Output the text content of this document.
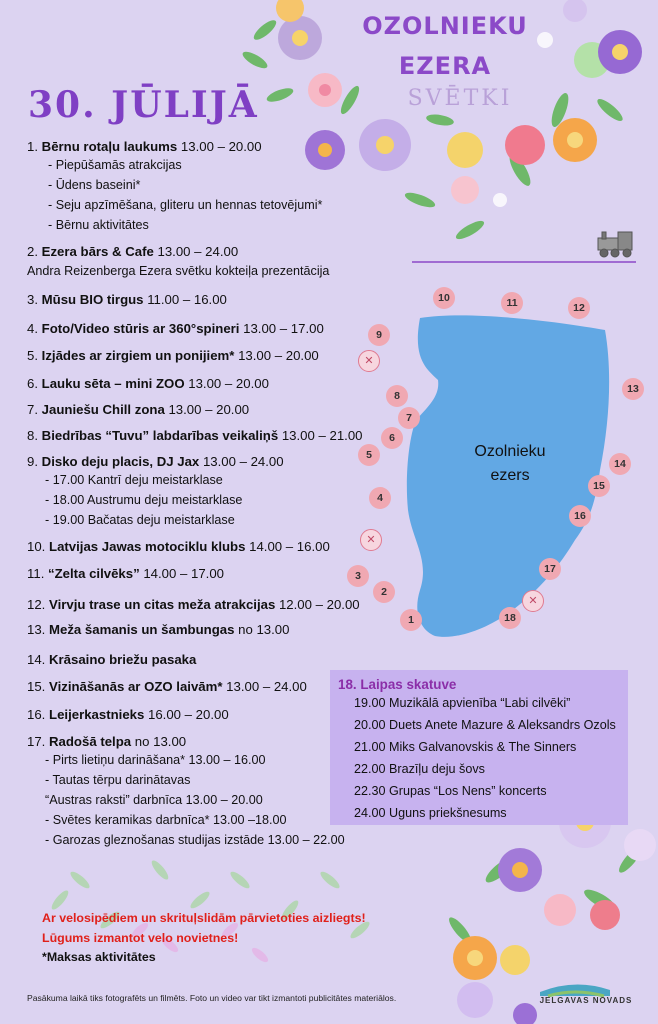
OZOLNIEKU
EZERA
SVĒTKI
30. JŪLIJĀ
1. Bērnu rotaļu laukums 13.00 – 20.00
- Piepūšamās atrakcijas
- Ūdens baseini*
- Seju apzīmēšana, gliteru un hennas tetovējumi*
- Bērnu aktivitātes
2. Ezera bārs & Cafe 13.00 – 24.00
Andra Reizenberga Ezera svētku kokteiļa prezentācija
3. Mūsu BIO tirgus 11.00 – 16.00
4. Foto/Video stūris ar 360°spineri 13.00 – 17.00
5. Izjādes ar zirgiem un ponijiem* 13.00 – 20.00
6. Lauku sēta – mini ZOO 13.00 – 20.00
7. Jauniešu Chill zona 13.00 – 20.00
8. Biedrības “Tuvu” labdarības veikaliņš 13.00 – 21.00
9. Disko deju placis, DJ Jax 13.00 – 24.00
- 17.00 Kantrī deju meistarklase
- 18.00 Austrumu deju meistarklase
- 19.00 Bačatas deju meistarklase
10. Latvijas Jawas motociklu klubs 14.00 – 16.00
11. “Zelta cilvēks” 14.00 – 17.00
12. Virvju trase un citas meža atrakcijas 12.00 – 20.00
13. Meža šamanis un šambungas no 13.00
14. Krāsaino briežu pasaka
15. Vizināšanās ar OZO laivām* 13.00 – 24.00
16. Leijerkastnieks 16.00 – 20.00
17. Radošā telpa no 13.00
- Pirts lietiņu darināšana* 13.00 – 16.00
- Tautas tērpu darinātavas
“Austras raksti” darbnīca 13.00 – 20.00
- Svētes keramikas darbnīca* 13.00 –18.00
- Garozas gleznošanas studijas izstāde 13.00 – 22.00
18. Laipas skatuve
19.00 Muzikālā apvienība “Labi cilvēki”
20.00 Duets Anete Mazure & Aleksandrs Ozols
21.00 Miks Galvanovskis & The Sinners
22.00 Brazīļu deju šovs
22.30 Grupas “Los Nens” koncerts
24.00 Uguns priekšnesums
Ozolnieku
ezers
10	11	12
9
13
8
7
6
5
14
15
4
16
17
3
2
18
1
✕
✕
✕
Ar velosipēdiem un skrituļslidām pārvietoties aizliegts!
Lūgums izmantot velo novietnes!
*Maksas aktivitātes
Pasākuma laikā tiks fotografēts un filmēts. Foto un video var tikt izmantoti publicitātes materiālos.	JELGAVAS NOVADS
